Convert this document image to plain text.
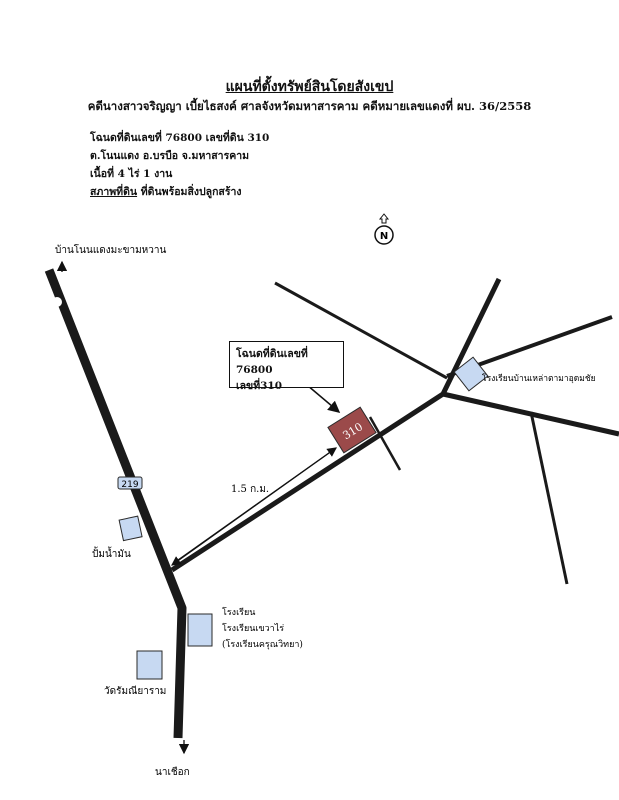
แผนที่ตั้งทรัพย์สินโดยสังเขป
คดีนางสาวจริญญา เบี้ยไธสงค์ ศาลจังหวัดมหาสารคาม คดีหมายเลขแดงที่ ผบ. 36/2558
โฉนดที่ดินเลขที่ 76800 เลขที่ดิน 310
ต.โนนแดง อ.บรบือ จ.มหาสารคาม
เนื้อที่ 4 ไร่ 1 งาน
สภาพที่ดิน ที่ดินพร้อมสิ่งปลูกสร้าง
310
1.5 ก.ม.
N
219
บ้านโนนแดงมะขามหวาน
นาเชือก
ปั้มน้ำมัน
โรงเรียน
โรงเรียนเขวาไร่
(โรงเรียนครุณวิทยา)
วัดรัมณียาราม
โรงเรียนบ้านเหล่าตามาอุดมชัย
โฉนดที่ดินเลขที่ 76800
เลขที่310
